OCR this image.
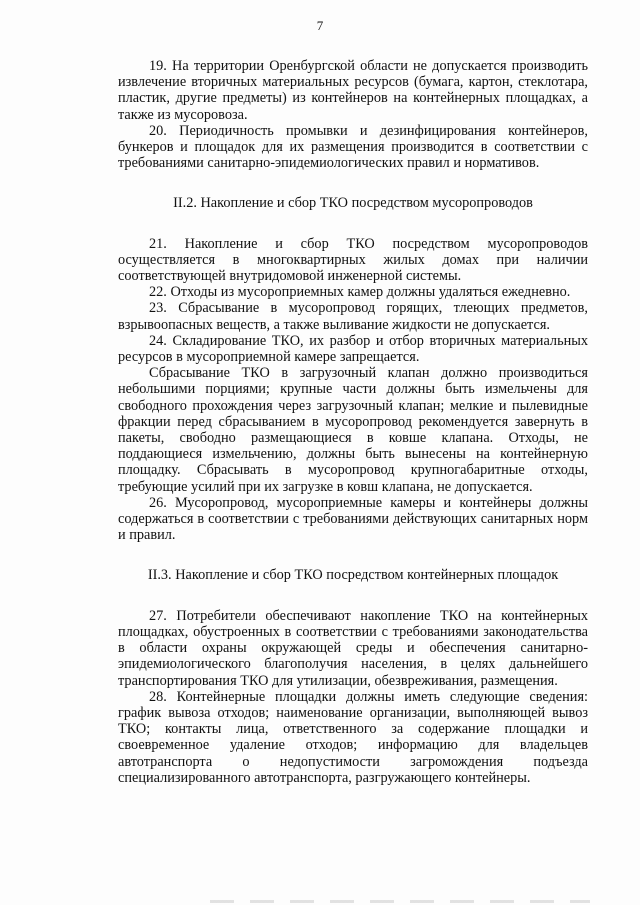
7

19. На территории Оренбургской области не допускается производить извлечение вторичных материальных ресурсов (бумага, картон, стеклотара, пластик, другие предметы) из контейнеров на контейнерных площадках, а также из мусоровоза.

20. Периодичность промывки и дезинфицирования контейнеров, бункеров и площадок для их размещения производится в соответствии с требованиями санитарно-эпидемиологических правил и нормативов.

II.2. Накопление и сбор ТКО посредством мусоропроводов

21. Накопление и сбор ТКО посредством мусоропроводов осуществляется в многоквартирных жилых домах при наличии соответствующей внутридомовой инженерной системы.

22. Отходы из мусороприемных камер должны удаляться ежедневно.

23. Сбрасывание в мусоропровод горящих, тлеющих предметов, взрывоопасных веществ, а также выливание жидкости не допускается.

24. Складирование ТКО, их разбор и отбор вторичных материальных ресурсов в мусороприемной камере запрещается.

Сбрасывание ТКО в загрузочный клапан должно производиться небольшими порциями; крупные части должны быть измельчены для свободного прохождения через загрузочный клапан; мелкие и пылевидные фракции перед сбрасыванием в мусоропровод рекомендуется завернуть в пакеты, свободно размещающиеся в ковше клапана. Отходы, не поддающиеся измельчению, должны быть вынесены на контейнерную площадку. Сбрасывать в мусоропровод крупногабаритные отходы, требующие усилий при их загрузке в ковш клапана, не допускается.

26. Мусоропровод, мусороприемные камеры и контейнеры должны содержаться в соответствии с требованиями действующих санитарных норм и правил.

II.3. Накопление и сбор ТКО посредством контейнерных площадок

27. Потребители обеспечивают накопление ТКО на контейнерных площадках, обустроенных в соответствии с требованиями законодательства в области охраны окружающей среды и обеспечения санитарно-эпидемиологического благополучия населения, в целях дальнейшего транспортирования ТКО для утилизации, обезвреживания, размещения.

28. Контейнерные площадки должны иметь следующие сведения: график вывоза отходов; наименование организации, выполняющей вывоз ТКО; контакты лица, ответственного за содержание площадки и своевременное удаление отходов; информацию для владельцев автотранспорта о недопустимости загромождения подъезда специализированного автотранспорта, разгружающего контейнеры.
